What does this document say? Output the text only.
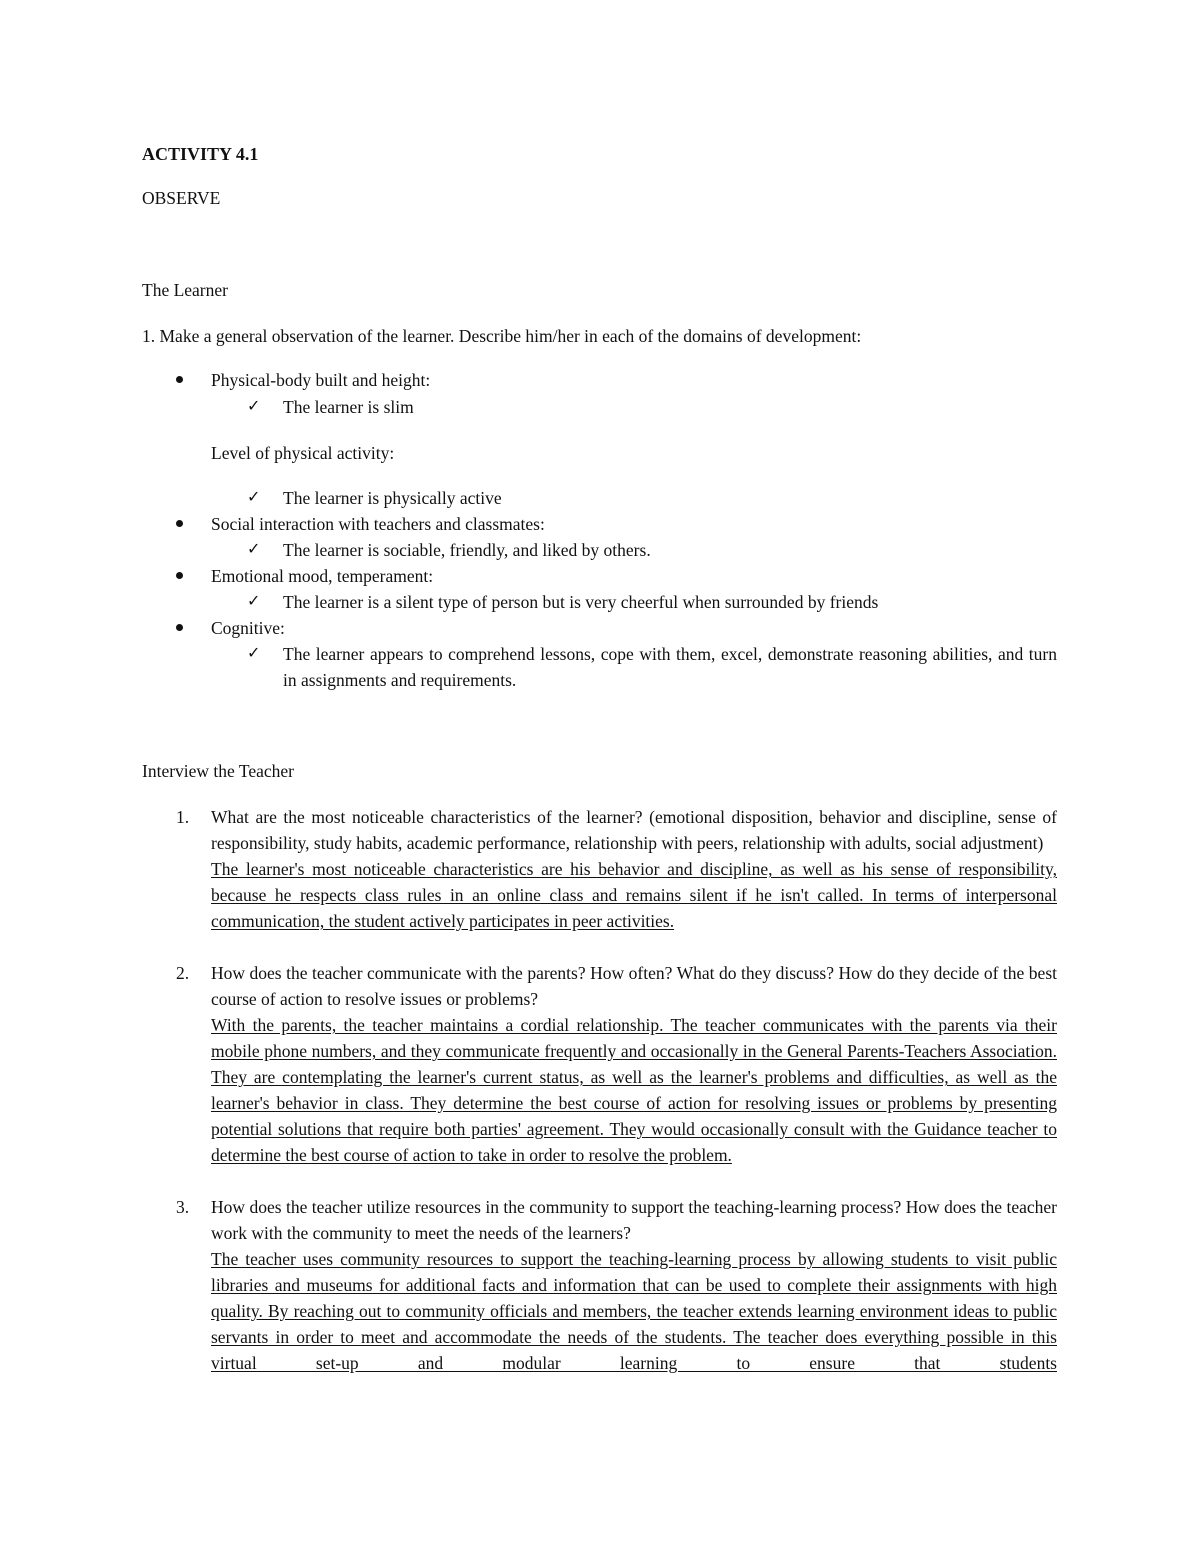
ACTIVITY 4.1
OBSERVE
The Learner
1. Make a general observation of the learner. Describe him/her in each of the domains of development:
Physical-body built and height:
✓ The learner is slim
Level of physical activity:
✓ The learner is physically active
Social interaction with teachers and classmates:
✓ The learner is sociable, friendly, and liked by others.
Emotional mood, temperament:
✓ The learner is a silent type of person but is very cheerful when surrounded by friends
Cognitive:
✓ The learner appears to comprehend lessons, cope with them, excel, demonstrate reasoning abilities, and turn in assignments and requirements.
Interview the Teacher
1. What are the most noticeable characteristics of the learner? (emotional disposition, behavior and discipline, sense of responsibility, study habits, academic performance, relationship with peers, relationship with adults, social adjustment)
The learner's most noticeable characteristics are his behavior and discipline, as well as his sense of responsibility, because he respects class rules in an online class and remains silent if he isn't called. In terms of interpersonal communication, the student actively participates in peer activities.
2. How does the teacher communicate with the parents? How often? What do they discuss? How do they decide of the best course of action to resolve issues or problems?
With the parents, the teacher maintains a cordial relationship. The teacher communicates with the parents via their mobile phone numbers, and they communicate frequently and occasionally in the General Parents-Teachers Association. They are contemplating the learner's current status, as well as the learner's problems and difficulties, as well as the learner's behavior in class. They determine the best course of action for resolving issues or problems by presenting potential solutions that require both parties' agreement. They would occasionally consult with the Guidance teacher to determine the best course of action to take in order to resolve the problem.
3. How does the teacher utilize resources in the community to support the teaching-learning process? How does the teacher work with the community to meet the needs of the learners?
The teacher uses community resources to support the teaching-learning process by allowing students to visit public libraries and museums for additional facts and information that can be used to complete their assignments with high quality. By reaching out to community officials and members, the teacher extends learning environment ideas to public servants in order to meet and accommodate the needs of the students. The teacher does everything possible in this virtual set-up and modular learning to ensure that students
